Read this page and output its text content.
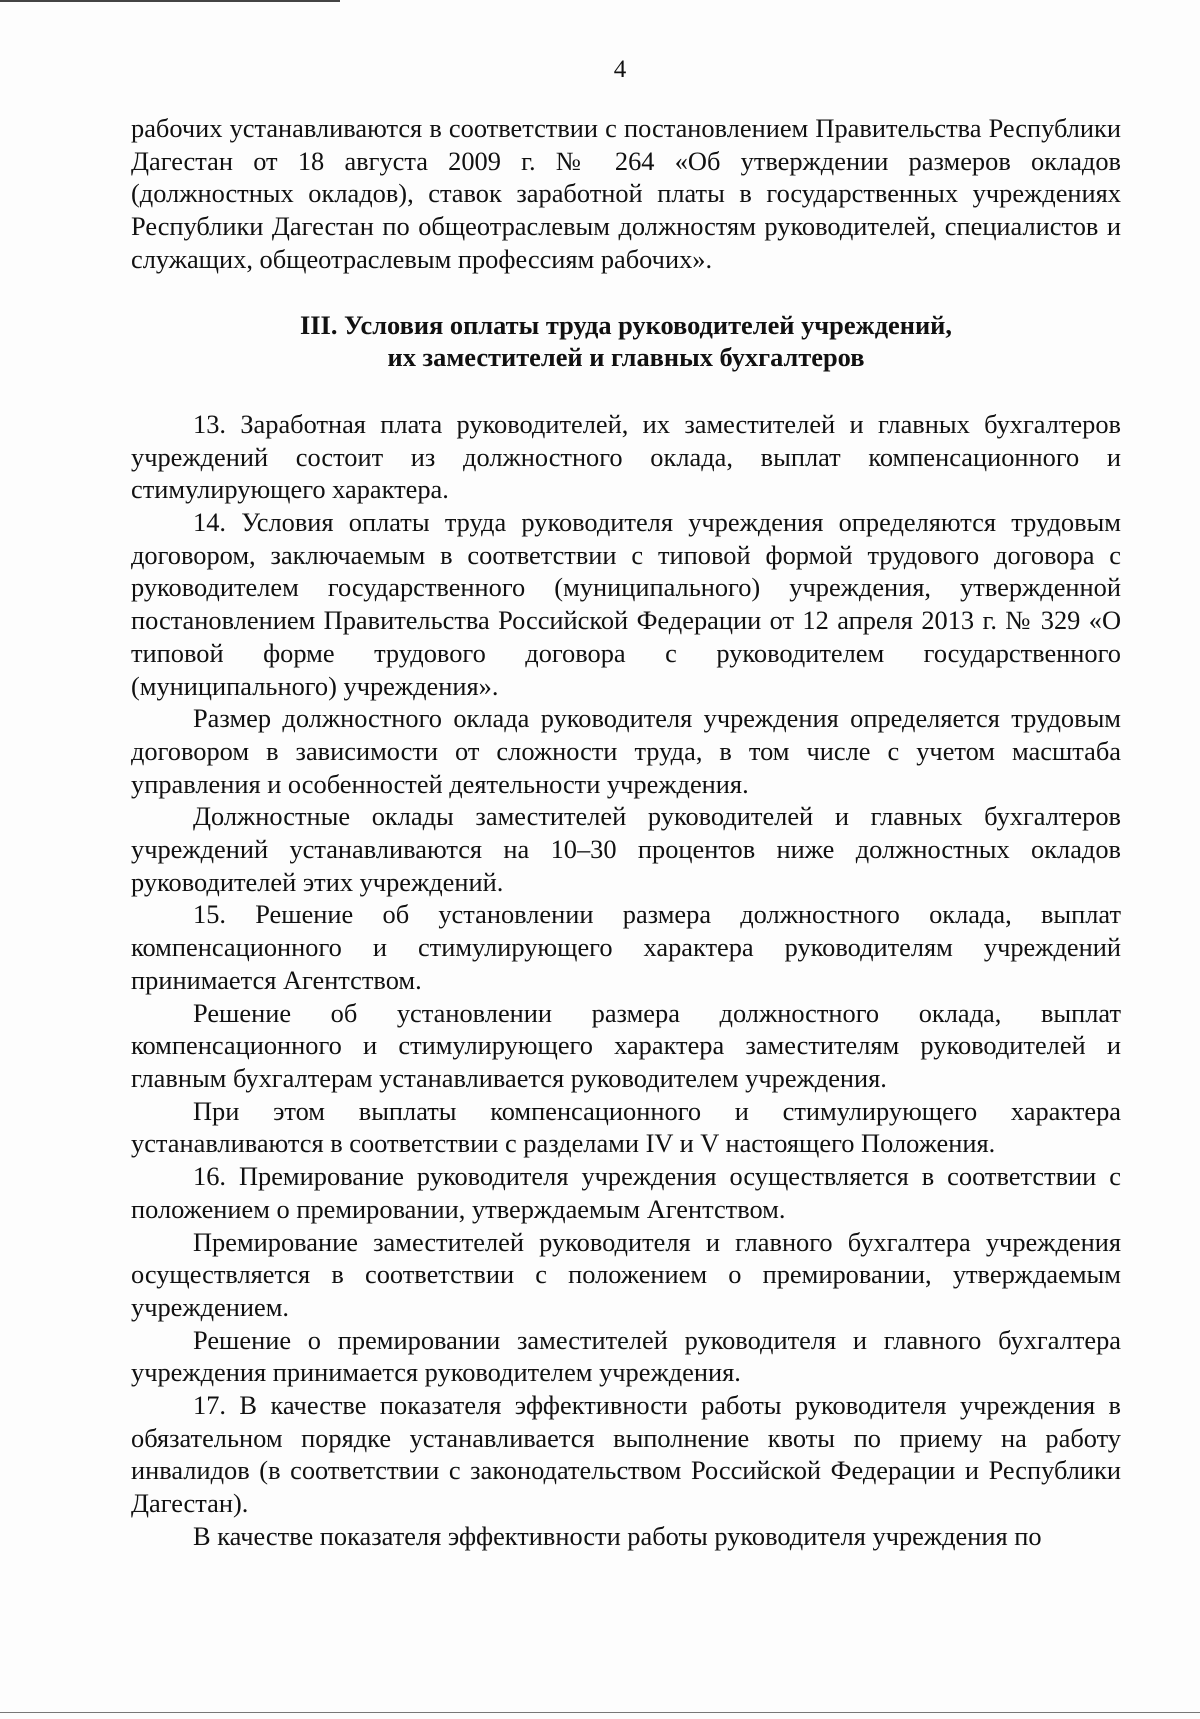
4

рабочих устанавливаются в соответствии с постановлением Правительства Республики Дагестан от 18 августа 2009 г. № 264 «Об утверждении размеров окладов (должностных окладов), ставок заработной платы в государственных учреждениях Республики Дагестан по общеотраслевым должностям руководителей, специалистов и служащих, общеотраслевым профессиям рабочих».

III. Условия оплаты труда руководителей учреждений,
их заместителей и главных бухгалтеров

13. Заработная плата руководителей, их заместителей и главных бухгалтеров учреждений состоит из должностного оклада, выплат компенсационного и стимулирующего характера.

14. Условия оплаты труда руководителя учреждения определяются трудовым договором, заключаемым в соответствии с типовой формой трудового договора с руководителем государственного (муниципального) учреждения, утвержденной постановлением Правительства Российской Федерации от 12 апреля 2013 г. № 329 «О типовой форме трудового договора с руководителем государственного (муниципального) учреждения».

Размер должностного оклада руководителя учреждения определяется трудовым договором в зависимости от сложности труда, в том числе с учетом масштаба управления и особенностей деятельности учреждения.

Должностные оклады заместителей руководителей и главных бухгалтеров учреждений устанавливаются на 10–30 процентов ниже должностных окладов руководителей этих учреждений.

15. Решение об установлении размера должностного оклада, выплат компенсационного и стимулирующего характера руководителям учреждений принимается Агентством.

Решение об установлении размера должностного оклада, выплат компенсационного и стимулирующего характера заместителям руководителей и главным бухгалтерам устанавливается руководителем учреждения.

При этом выплаты компенсационного и стимулирующего характера устанавливаются в соответствии с разделами IV и V настоящего Положения.

16. Премирование руководителя учреждения осуществляется в соответствии с положением о премировании, утверждаемым Агентством.

Премирование заместителей руководителя и главного бухгалтера учреждения осуществляется в соответствии с положением о премировании, утверждаемым учреждением.

Решение о премировании заместителей руководителя и главного бухгалтера учреждения принимается руководителем учреждения.

17. В качестве показателя эффективности работы руководителя учреждения в обязательном порядке устанавливается выполнение квоты по приему на работу инвалидов (в соответствии с законодательством Российской Федерации и Республики Дагестан).

В качестве показателя эффективности работы руководителя учреждения по
